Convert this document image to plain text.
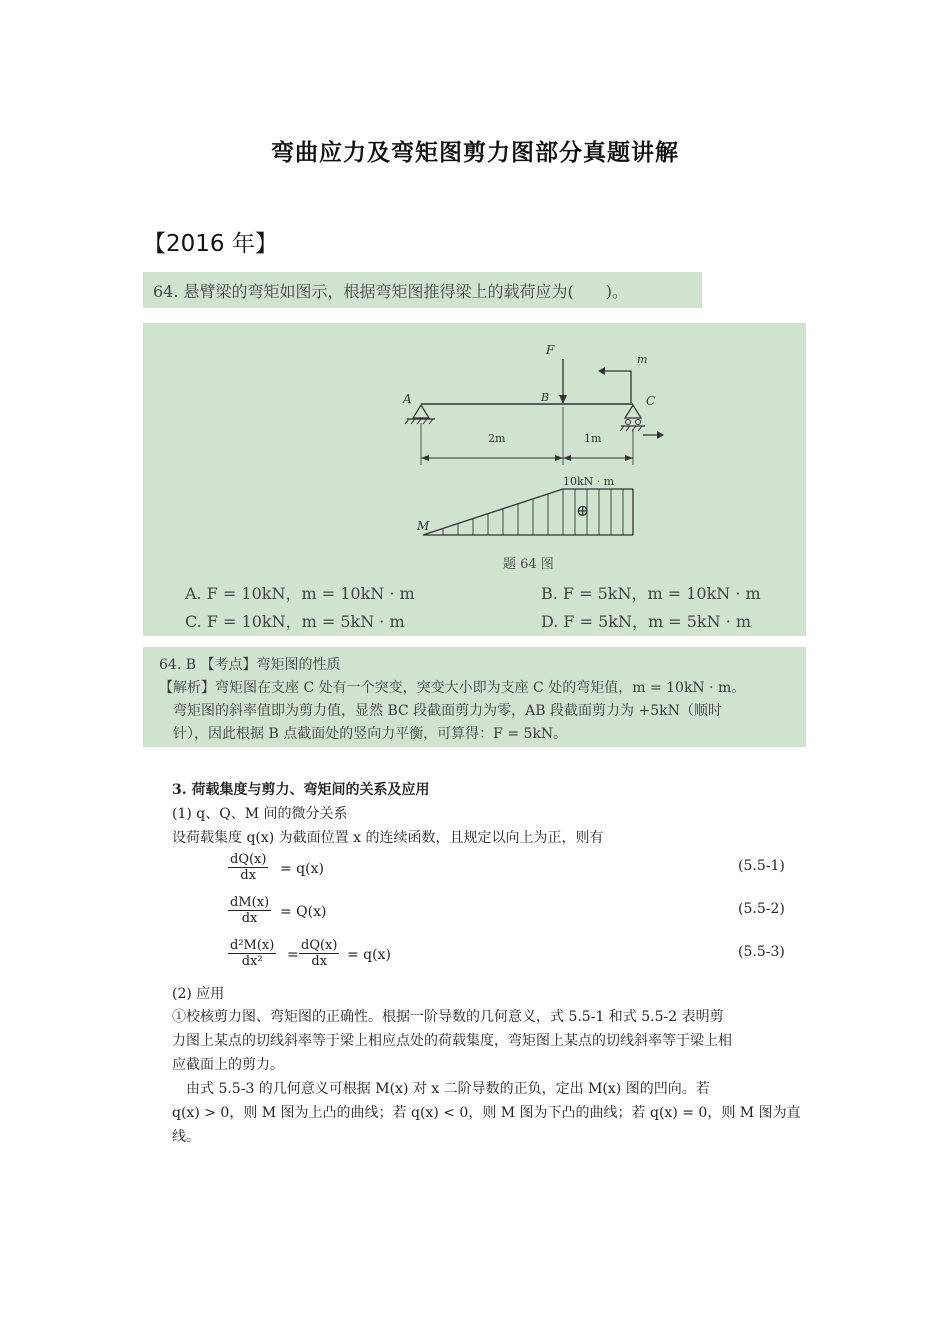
弯曲应力及弯矩图剪力图部分真题讲解
【2016 年】
64. 悬臂梁的弯矩如图示，根据弯矩图推得梁上的载荷应为(　　)。
F
m
A	B	C
2m	1m
10kN · m
M
⊕
题 64 图
A. F = 10kN，m = 10kN · m	B. F = 5kN，m = 10kN · m
C. F = 10kN，m = 5kN · m	D. F = 5kN，m = 5kN · m
64. B 【考点】弯矩图的性质
【解析】弯矩图在支座 C 处有一个突变，突变大小即为支座 C 处的弯矩值，m = 10kN · m。
弯矩图的斜率值即为剪力值，显然 BC 段截面剪力为零，AB 段截面剪力为 +5kN（顺时
针），因此根据 B 点截面处的竖向力平衡，可算得：F = 5kN。
3. 荷载集度与剪力、弯矩间的关系及应用
(1) q、Q、M 间的微分关系
设荷载集度 q(x) 为截面位置 x 的连续函数，且规定以向上为正，则有
$\frac{dQ(x)}{dx} = q(x)$	(5.5-1)
$\frac{dM(x)}{dx} = Q(x)$	(5.5-2)
$\frac{\text{d²M(x)}}{\text{dx²}} = \frac{dQ(x)}{dx} = q(x)$	(5.5-3)
(2) 应用
①校核剪力图、弯矩图的正确性。根据一阶导数的几何意义，式 5.5-1 和式 5.5-2 表明剪
力图上某点的切线斜率等于梁上相应点处的荷载集度，弯矩图上某点的切线斜率等于梁上相
应截面上的剪力。
由式 5.5-3 的几何意义可根据 M(x) 对 x 二阶导数的正负，定出 M(x) 图的凹向。若
q(x) > 0，则 M 图为上凸的曲线；若 q(x) < 0，则 M 图为下凸的曲线；若 q(x) = 0，则 M 图为直
线。
